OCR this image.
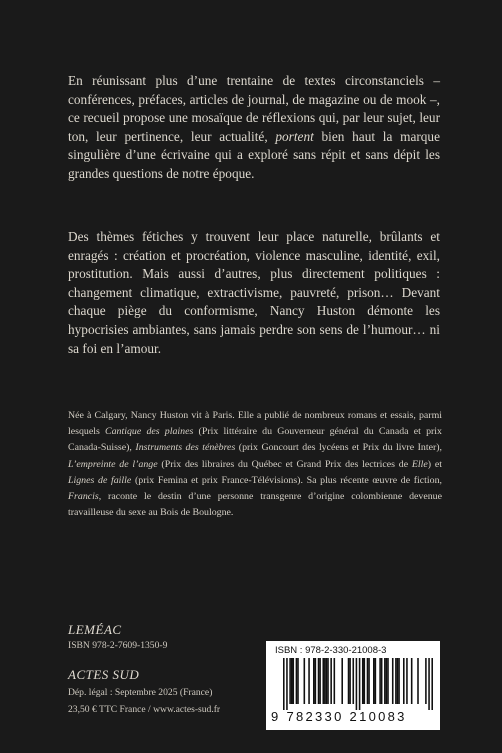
En réunissant plus d’une trentaine de textes circonstanciels – conférences, préfaces, articles de journal, de magazine ou de mook –, ce recueil propose une mosaïque de réflexions qui, par leur sujet, leur ton, leur pertinence, leur actualité, portent bien haut la marque singulière d’une écrivaine qui a exploré sans répit et sans dépit les grandes questions de notre époque.

Des thèmes fétiches y trouvent leur place naturelle, brûlants et enragés : création et procréation, violence masculine, identité, exil, prostitution. Mais aussi d’autres, plus directement politiques : changement climatique, extractivisme, pauvreté, prison… Devant chaque piège du conformisme, Nancy Huston démonte les hypocrisies ambiantes, sans jamais perdre son sens de l’humour… ni sa foi en l’amour.

Née à Calgary, Nancy Huston vit à Paris. Elle a publié de nombreux romans et essais, parmi lesquels Cantique des plaines (Prix littéraire du Gouverneur général du Canada et prix Canada-Suisse), Instruments des ténèbres (prix Goncourt des lycéens et Prix du livre Inter), L’empreinte de l’ange (Prix des libraires du Québec et Grand Prix des lectrices de Elle) et Lignes de faille (prix Femina et prix France-Télévisions). Sa plus récente œuvre de fiction, Francis, raconte le destin d’une personne transgenre d’origine colombienne devenue travailleuse du sexe au Bois de Boulogne.

LEMÉAC
ISBN 978-2-7609-1350-9
ACTES SUD
Dép. légal : Septembre 2025 (France)
23,50 € TTC France / www.actes-sud.fr
ISBN : 978-2-330-21008-3
9 782330 210083
